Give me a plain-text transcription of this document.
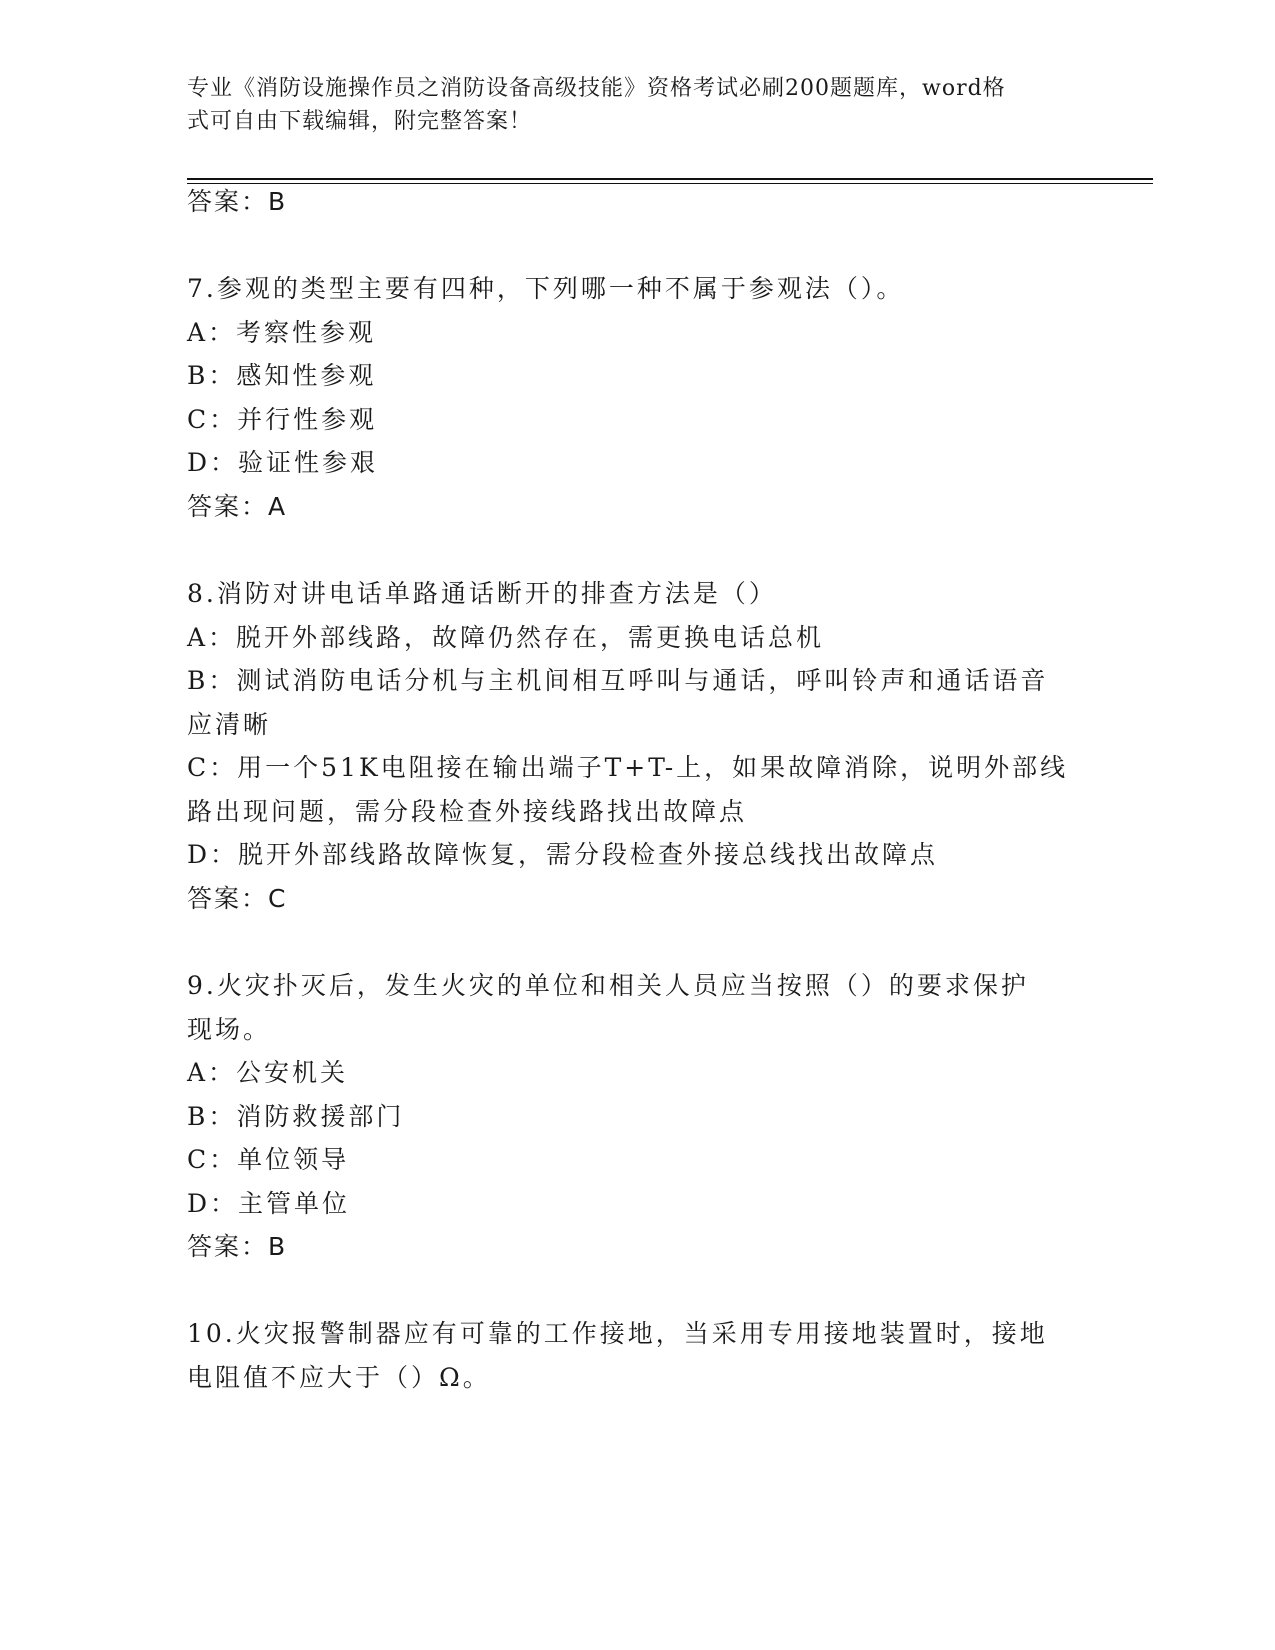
专业《消防设施操作员之消防设备高级技能》资格考试必刷200题题库，word格
式可自由下载编辑，附完整答案！
答案：B
7.参观的类型主要有四种，下列哪一种不属于参观法（）。
A：考察性参观
B：感知性参观
C：并行性参观
D：验证性参艰
答案：A
8.消防对讲电话单路通话断开的排查方法是（）
A：脱开外部线路，故障仍然存在，需更换电话总机
B：测试消防电话分机与主机间相互呼叫与通话，呼叫铃声和通话语音
应清晰
C：用一个51K电阻接在输出端子T+T-上，如果故障消除，说明外部线
路出现问题，需分段检查外接线路找出故障点
D：脱开外部线路故障恢复，需分段检查外接总线找出故障点
答案：C
9.火灾扑灭后，发生火灾的单位和相关人员应当按照（）的要求保护
现场。
A：公安机关
B：消防救援部门
C：单位领导
D：主管单位
答案：B
10.火灾报警制器应有可靠的工作接地，当采用专用接地装置时，接地
电阻值不应大于（）Ω。
